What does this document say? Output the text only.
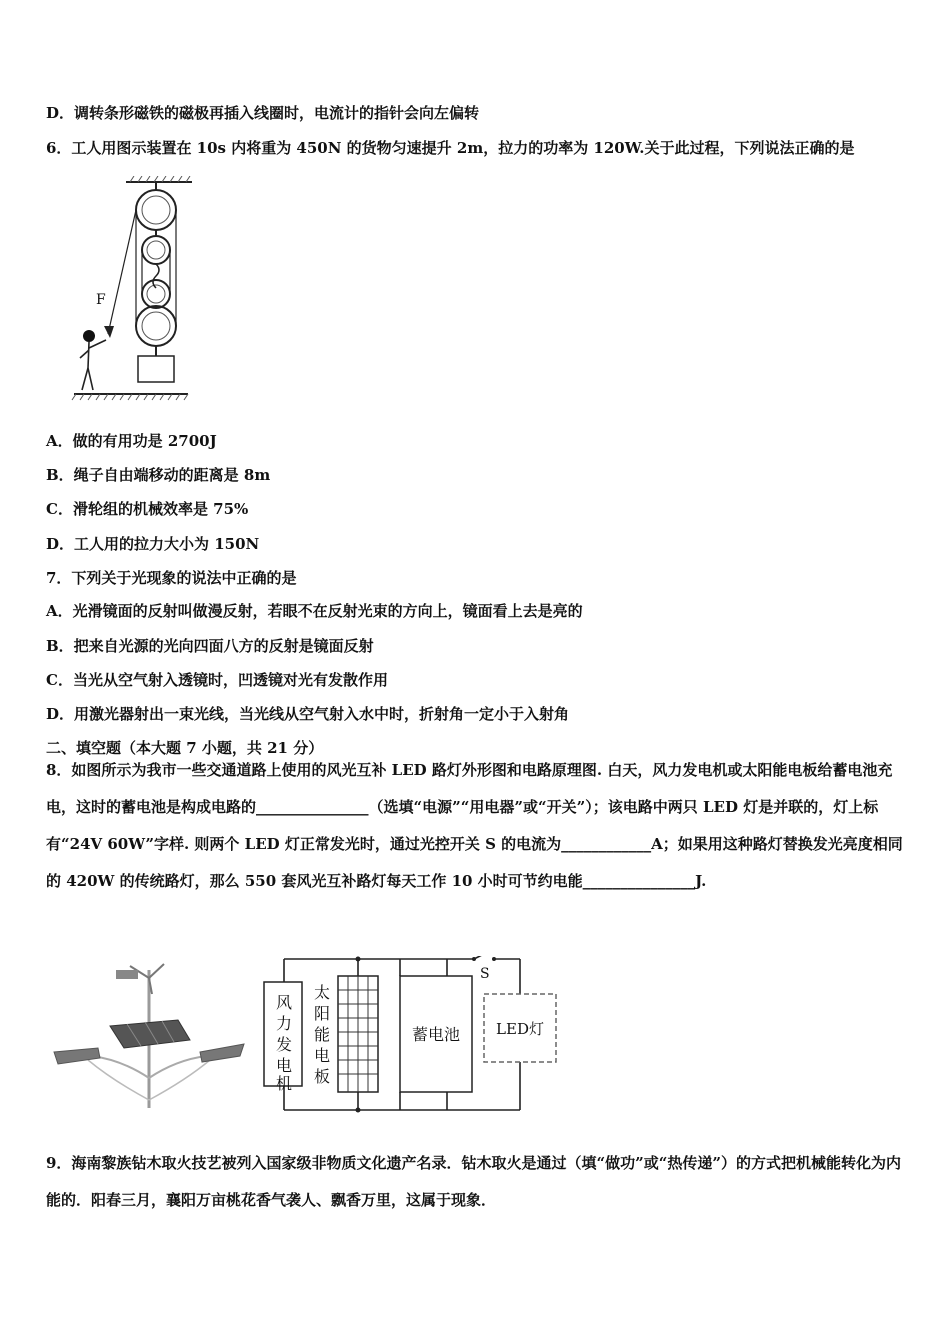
D．调转条形磁铁的磁极再插入线圈时，电流计的指针会向左偏转
6．工人用图示装置在 10s 内将重为 450N 的货物匀速提升 2m，拉力的功率为 120W.关于此过程，下列说法正确的是
F
A．做的有用功是 2700J
B．绳子自由端移动的距离是 8m
C．滑轮组的机械效率是 75%
D．工人用的拉力大小为 150N
7．下列关于光现象的说法中正确的是
A．光滑镜面的反射叫做漫反射，若眼不在反射光束的方向上，镜面看上去是亮的
B．把来自光源的光向四面八方的反射是镜面反射
C．当光从空气射入透镜时，凹透镜对光有发散作用
D．用激光器射出一束光线，当光线从空气射入水中时，折射角一定小于入射角
二、填空题（本大题 7 小题，共 21 分）
8．如图所示为我市一些交通道路上使用的风光互补 LED 路灯外形图和电路原理图. 白天，风力发电机或太阳能电板给蓄电池充电，这时的蓄电池是构成电路的_______________（选填“电源”“用电器”或“开关”）；该电路中两只 LED 灯是并联的，灯上标有“24V 60W”字样. 则两个 LED 灯正常发光时，通过光控开关 S 的电流为____________A；如果用这种路灯替换发光亮度相同的 420W 的传统路灯，那么 550 套风光互补路灯每天工作 10 小时可节约电能_______________J.
风力发电机
太阳能电板
蓄电池
S
LED灯
9．海南黎族钻木取火技艺被列入国家级非物质文化遗产名录．钻木取火是通过（填“做功”或“热传递”）的方式把机械能转化为内能的．阳春三月，襄阳万亩桃花香气袭人、飘香万里，这属于现象．
